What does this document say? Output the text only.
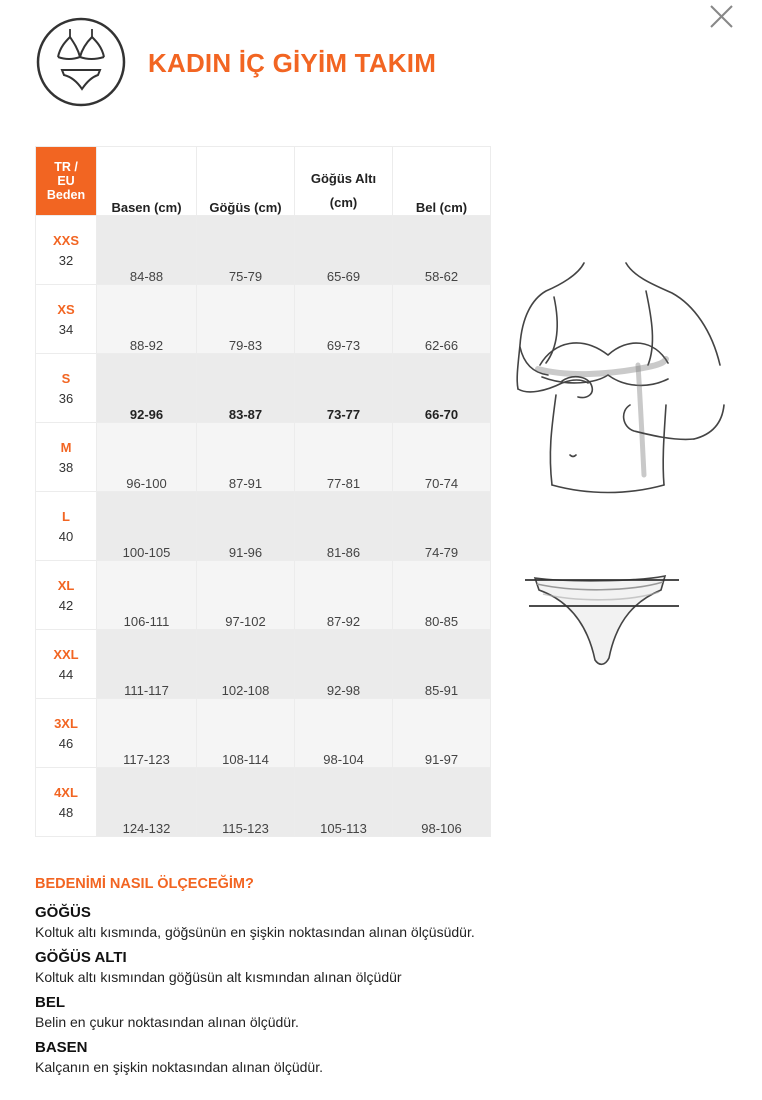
KADIN İÇ GİYİM TAKIM
TR /
EU
Beden	Basen (cm)	Göğüs (cm)	Göğüs Altı (cm)	Bel (cm)

XXS
32	84-88	75-79	65-69	58-62

XS
34	88-92	79-83	69-73	62-66

S
36	92-96	83-87	73-77	66-70

M
38	96-100	87-91	77-81	70-74

L
40	100-105	91-96	81-86	74-79

XL
42	106-111	97-102	87-92	80-85

XXL
44	111-117	102-108	92-98	85-91

3XL
46	117-123	108-114	98-104	91-97

4XL
48	124-132	115-123	105-113	98-106
BEDENİMİ NASIL ÖLÇECEĞİM?
GÖĞÜS
Koltuk altı kısmında, göğsünün en şişkin noktasından alınan ölçüsüdür.
GÖĞÜS ALTI
Koltuk altı kısmından göğüsün alt kısmından alınan ölçüdür
BEL
Belin en çukur noktasından alınan ölçüdür.
BASEN
Kalçanın en şişkin noktasından alınan ölçüdür.
